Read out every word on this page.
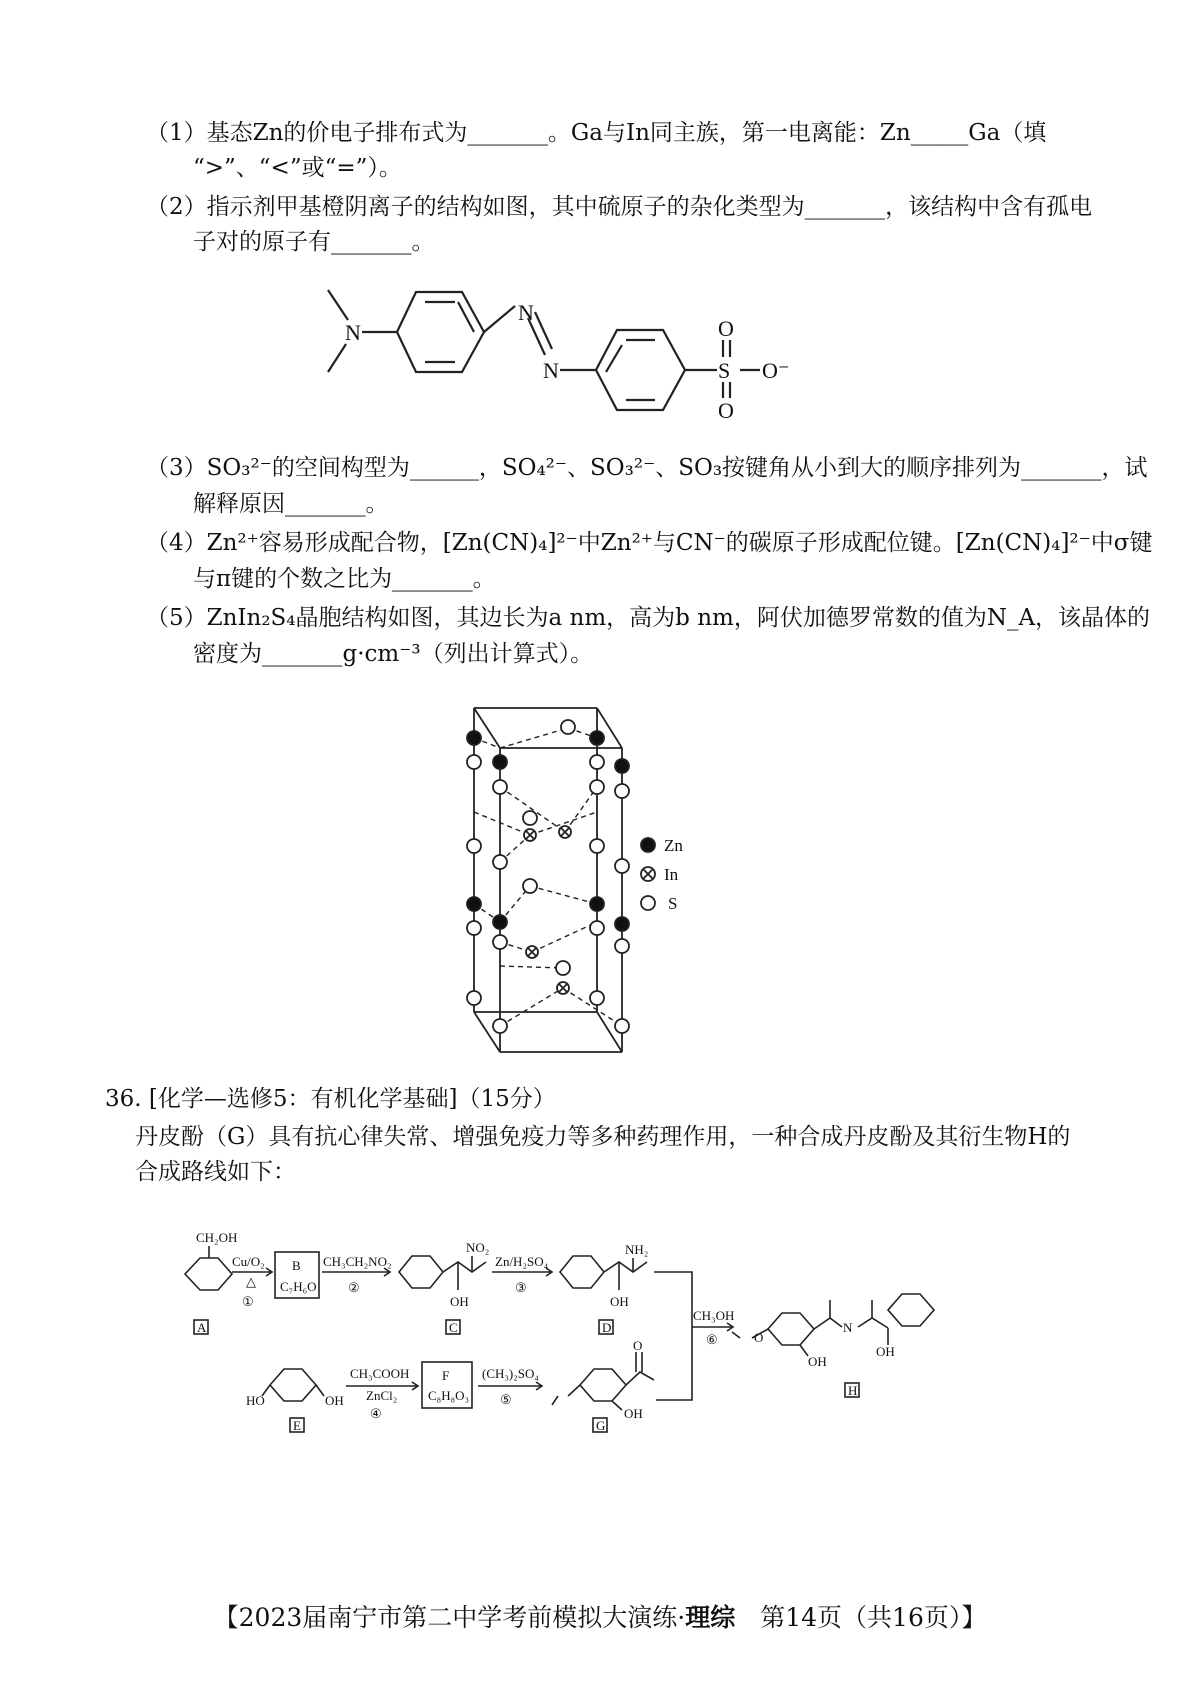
（1）基态Zn的价电子排布式为_______。Ga与In同主族，第一电离能：Zn_____Ga（填
“>”、“<”或“=”）。
（2）指示剂甲基橙阴离子的结构如图，其中硫原子的杂化类型为_______，该结构中含有孤电
子对的原子有_______。
N
N
N	S
O
O
O⁻
（3）SO₃²⁻的空间构型为______，SO₄²⁻、SO₃²⁻、SO₃按键角从小到大的顺序排列为_______，试
解释原因_______。
（4）Zn²⁺容易形成配合物，[Zn(CN)₄]²⁻中Zn²⁺与CN⁻的碳原子形成配位键。[Zn(CN)₄]²⁻中σ键
与π键的个数之比为_______。
（5）ZnIn₂S₄晶胞结构如图，其边长为a nm，高为b nm，阿伏加德罗常数的值为N_A，该晶体的
密度为_______g·cm⁻³（列出计算式）。
Zn
In
S
36. [化学—选修5：有机化学基础]（15分）
丹皮酚（G）具有抗心律失常、增强免疫力等多种药理作用，一种合成丹皮酚及其衍生物H的
合成路线如下：
CH₂OH
Cu/O₂
△
①
B
C₇H₆O
CH₃CH₂NO₂
②
NO₂
OH
Zn/H₂SO₄
③
NH₂
OH
CH₃OH
⑥
A	C	D
HO	OH
E
CH₃COOH
ZnCl₂
④
F
C₈H₈O₃
(CH₃)₂SO₄
⑤
O
OH
G
N
OH
OH
O
H
【2023届南宁市第二中学考前模拟大演练·理综　第14页（共16页）】
